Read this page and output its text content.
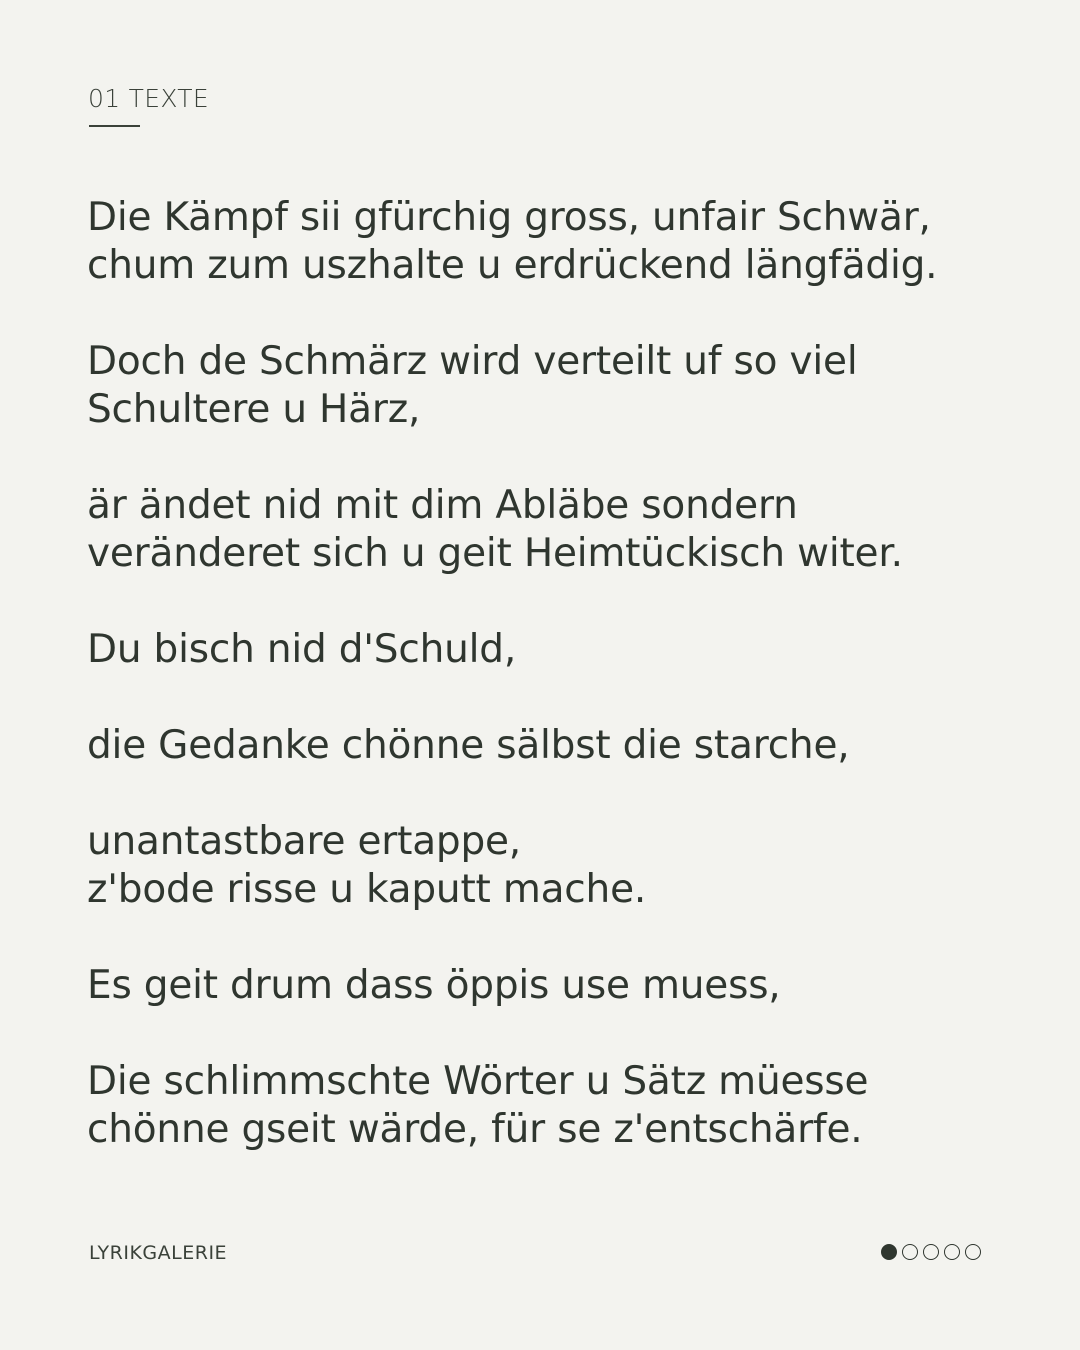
01 TEXTE
Die Kämpf sii gfürchig gross, unfair Schwär,
chum zum uszhalte u erdrückend längfädig.
Doch de Schmärz wird verteilt uf so viel
Schultere u Härz,
är ändet nid mit dim Abläbe sondern
veränderet sich u geit Heimtückisch witer.
Du bisch nid d'Schuld,
die Gedanke chönne sälbst die starche,
unantastbare ertappe,
z'bode risse u kaputt mache.
Es geit drum dass öppis use muess,
Die schlimmschte Wörter u Sätz müesse
chönne gseit wärde, für se z'entschärfe.
LYRIKGALERIE
